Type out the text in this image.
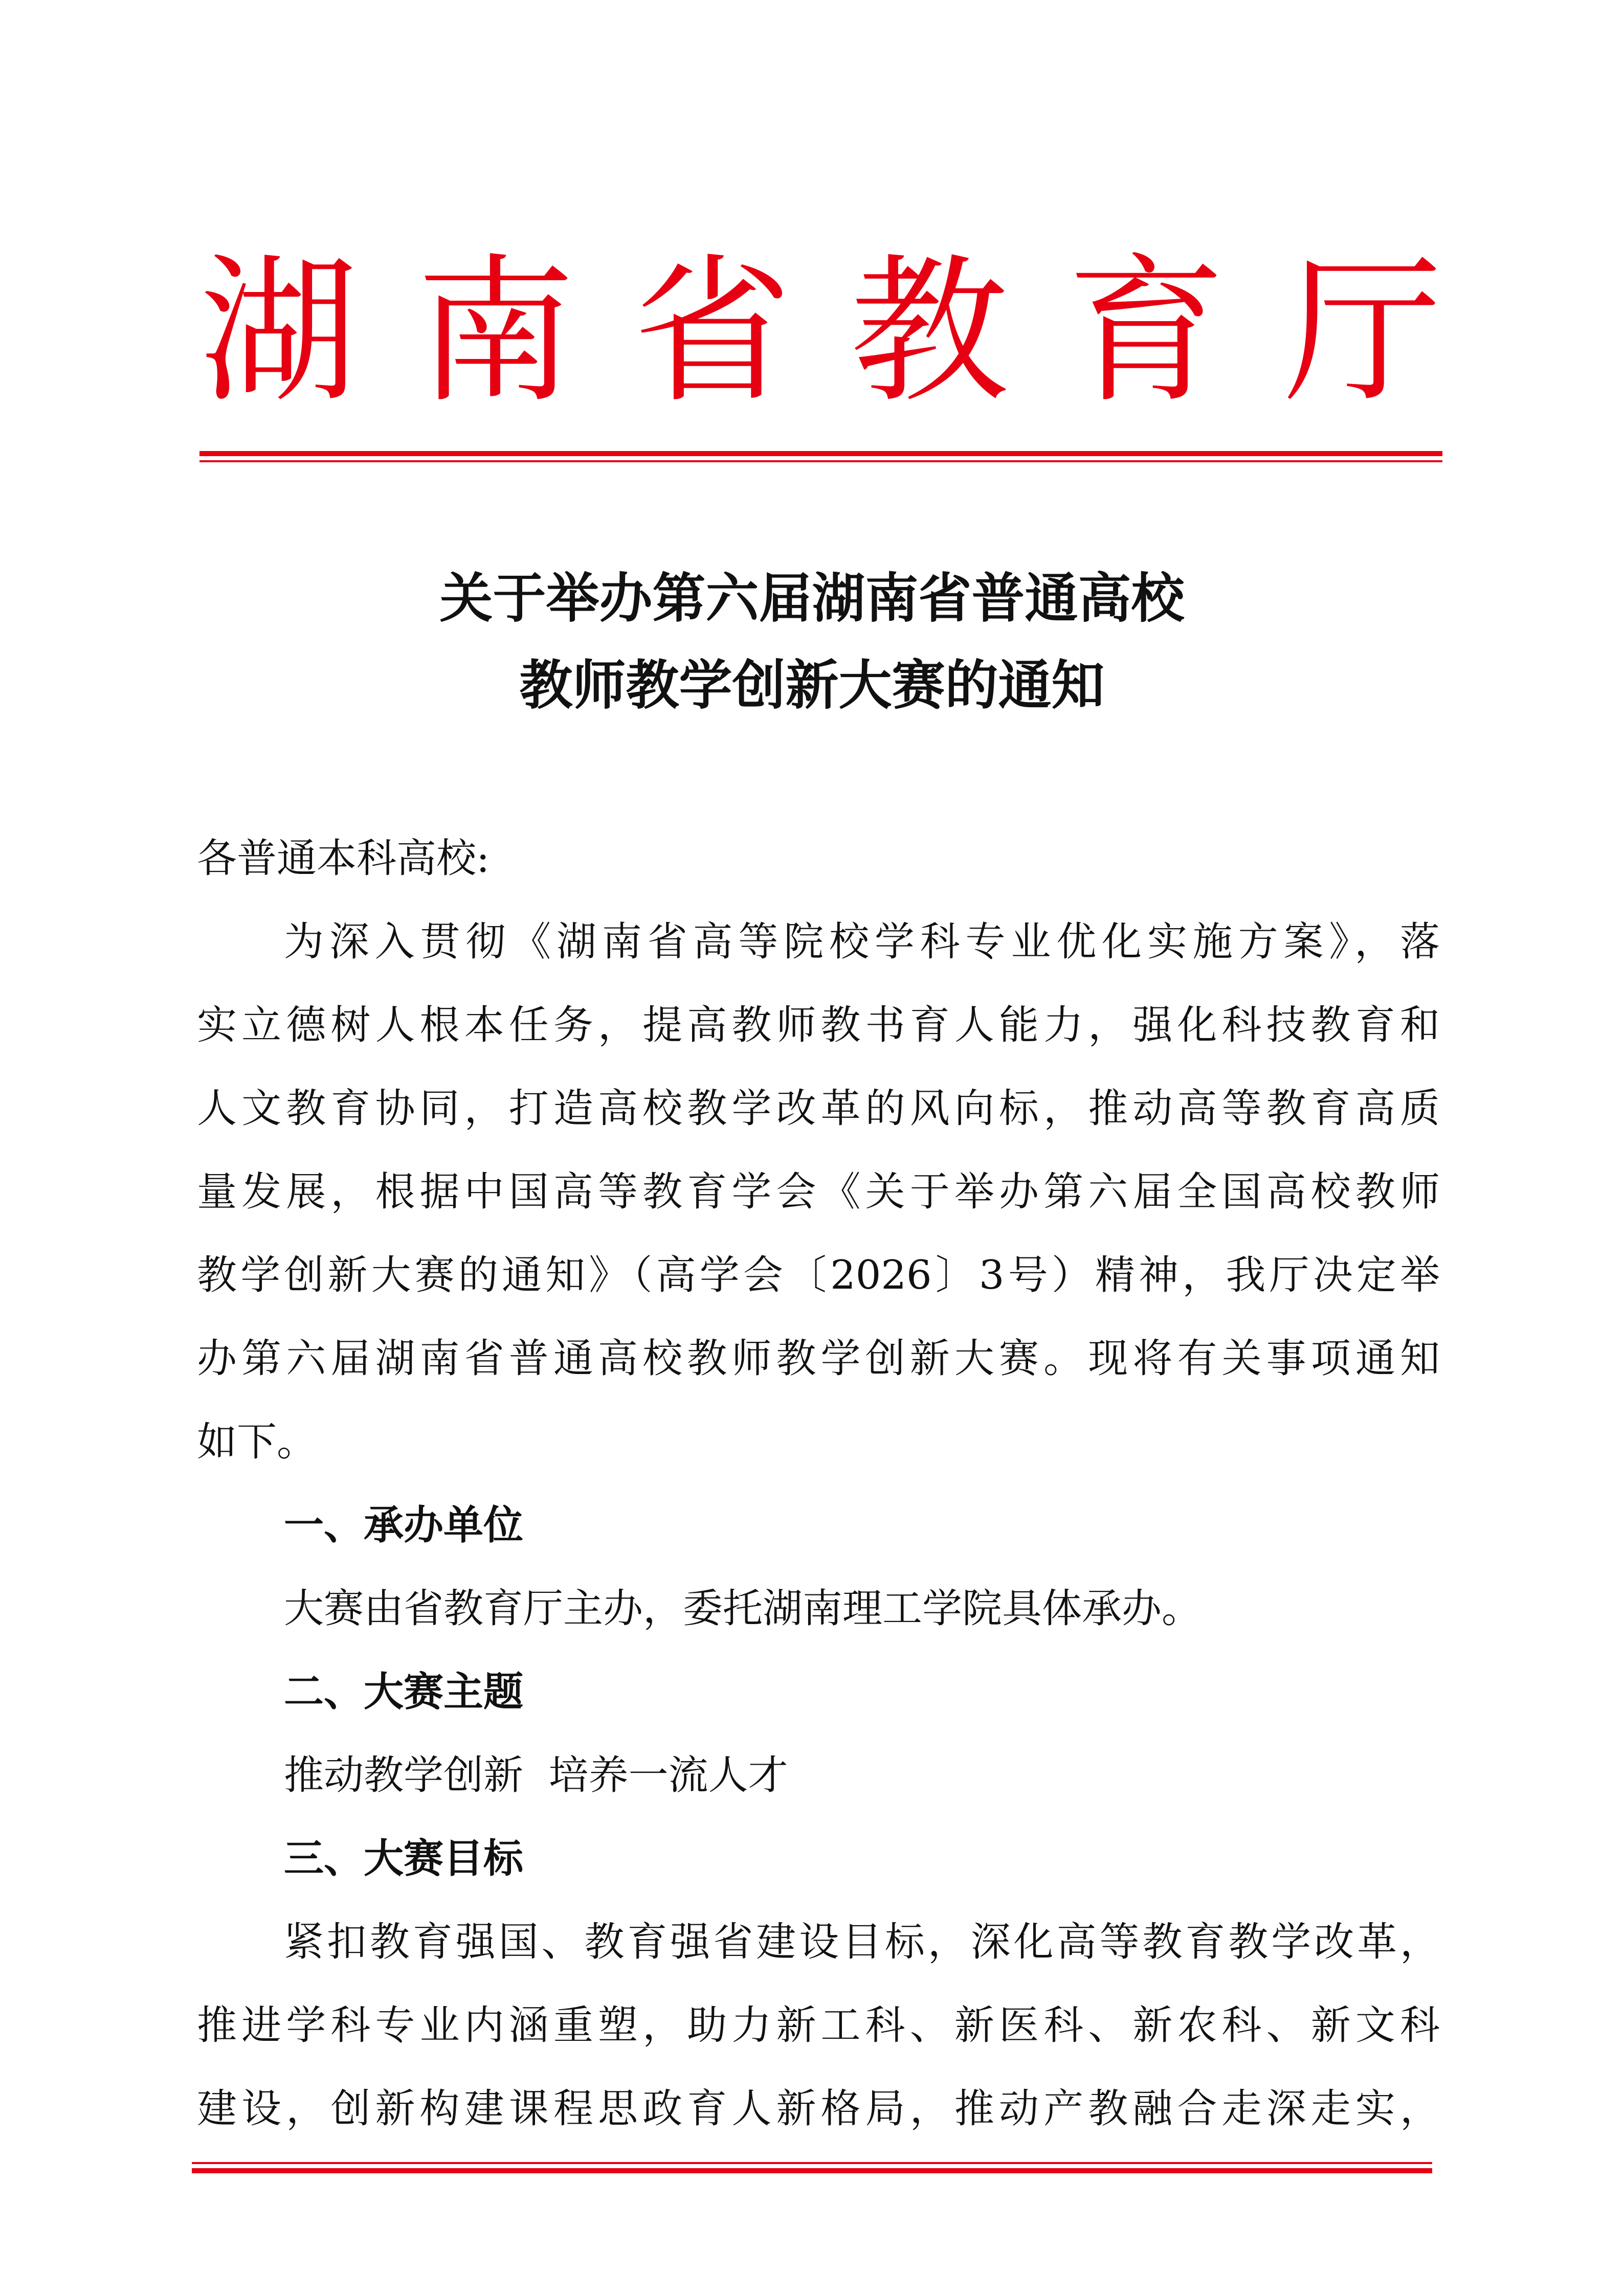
湖 南 省 教 育 厅
关于举办第六届湖南省普通高校
教师教学创新大赛的通知
各普通本科高校:
为深入贯彻《湖南省高等院校学科专业优化实施方案》，落
实立德树人根本任务，提高教师教书育人能力，强化科技教育和
人文教育协同，打造高校教学改革的风向标，推动高等教育高质
量发展，根据中国高等教育学会《关于举办第六届全国高校教师
教学创新大赛的通知》（高学会〔2026〕3号）精神，我厅决定举
办第六届湖南省普通高校教师教学创新大赛。现将有关事项通知
如下。
一、承办单位
大赛由省教育厅主办，委托湖南理工学院具体承办。
二、大赛主题
推动教学创新  培养一流人才
三、大赛目标
紧扣教育强国、教育强省建设目标，深化高等教育教学改革，
推进学科专业内涵重塑，助力新工科、新医科、新农科、新文科
建设，创新构建课程思政育人新格局，推动产教融合走深走实，
